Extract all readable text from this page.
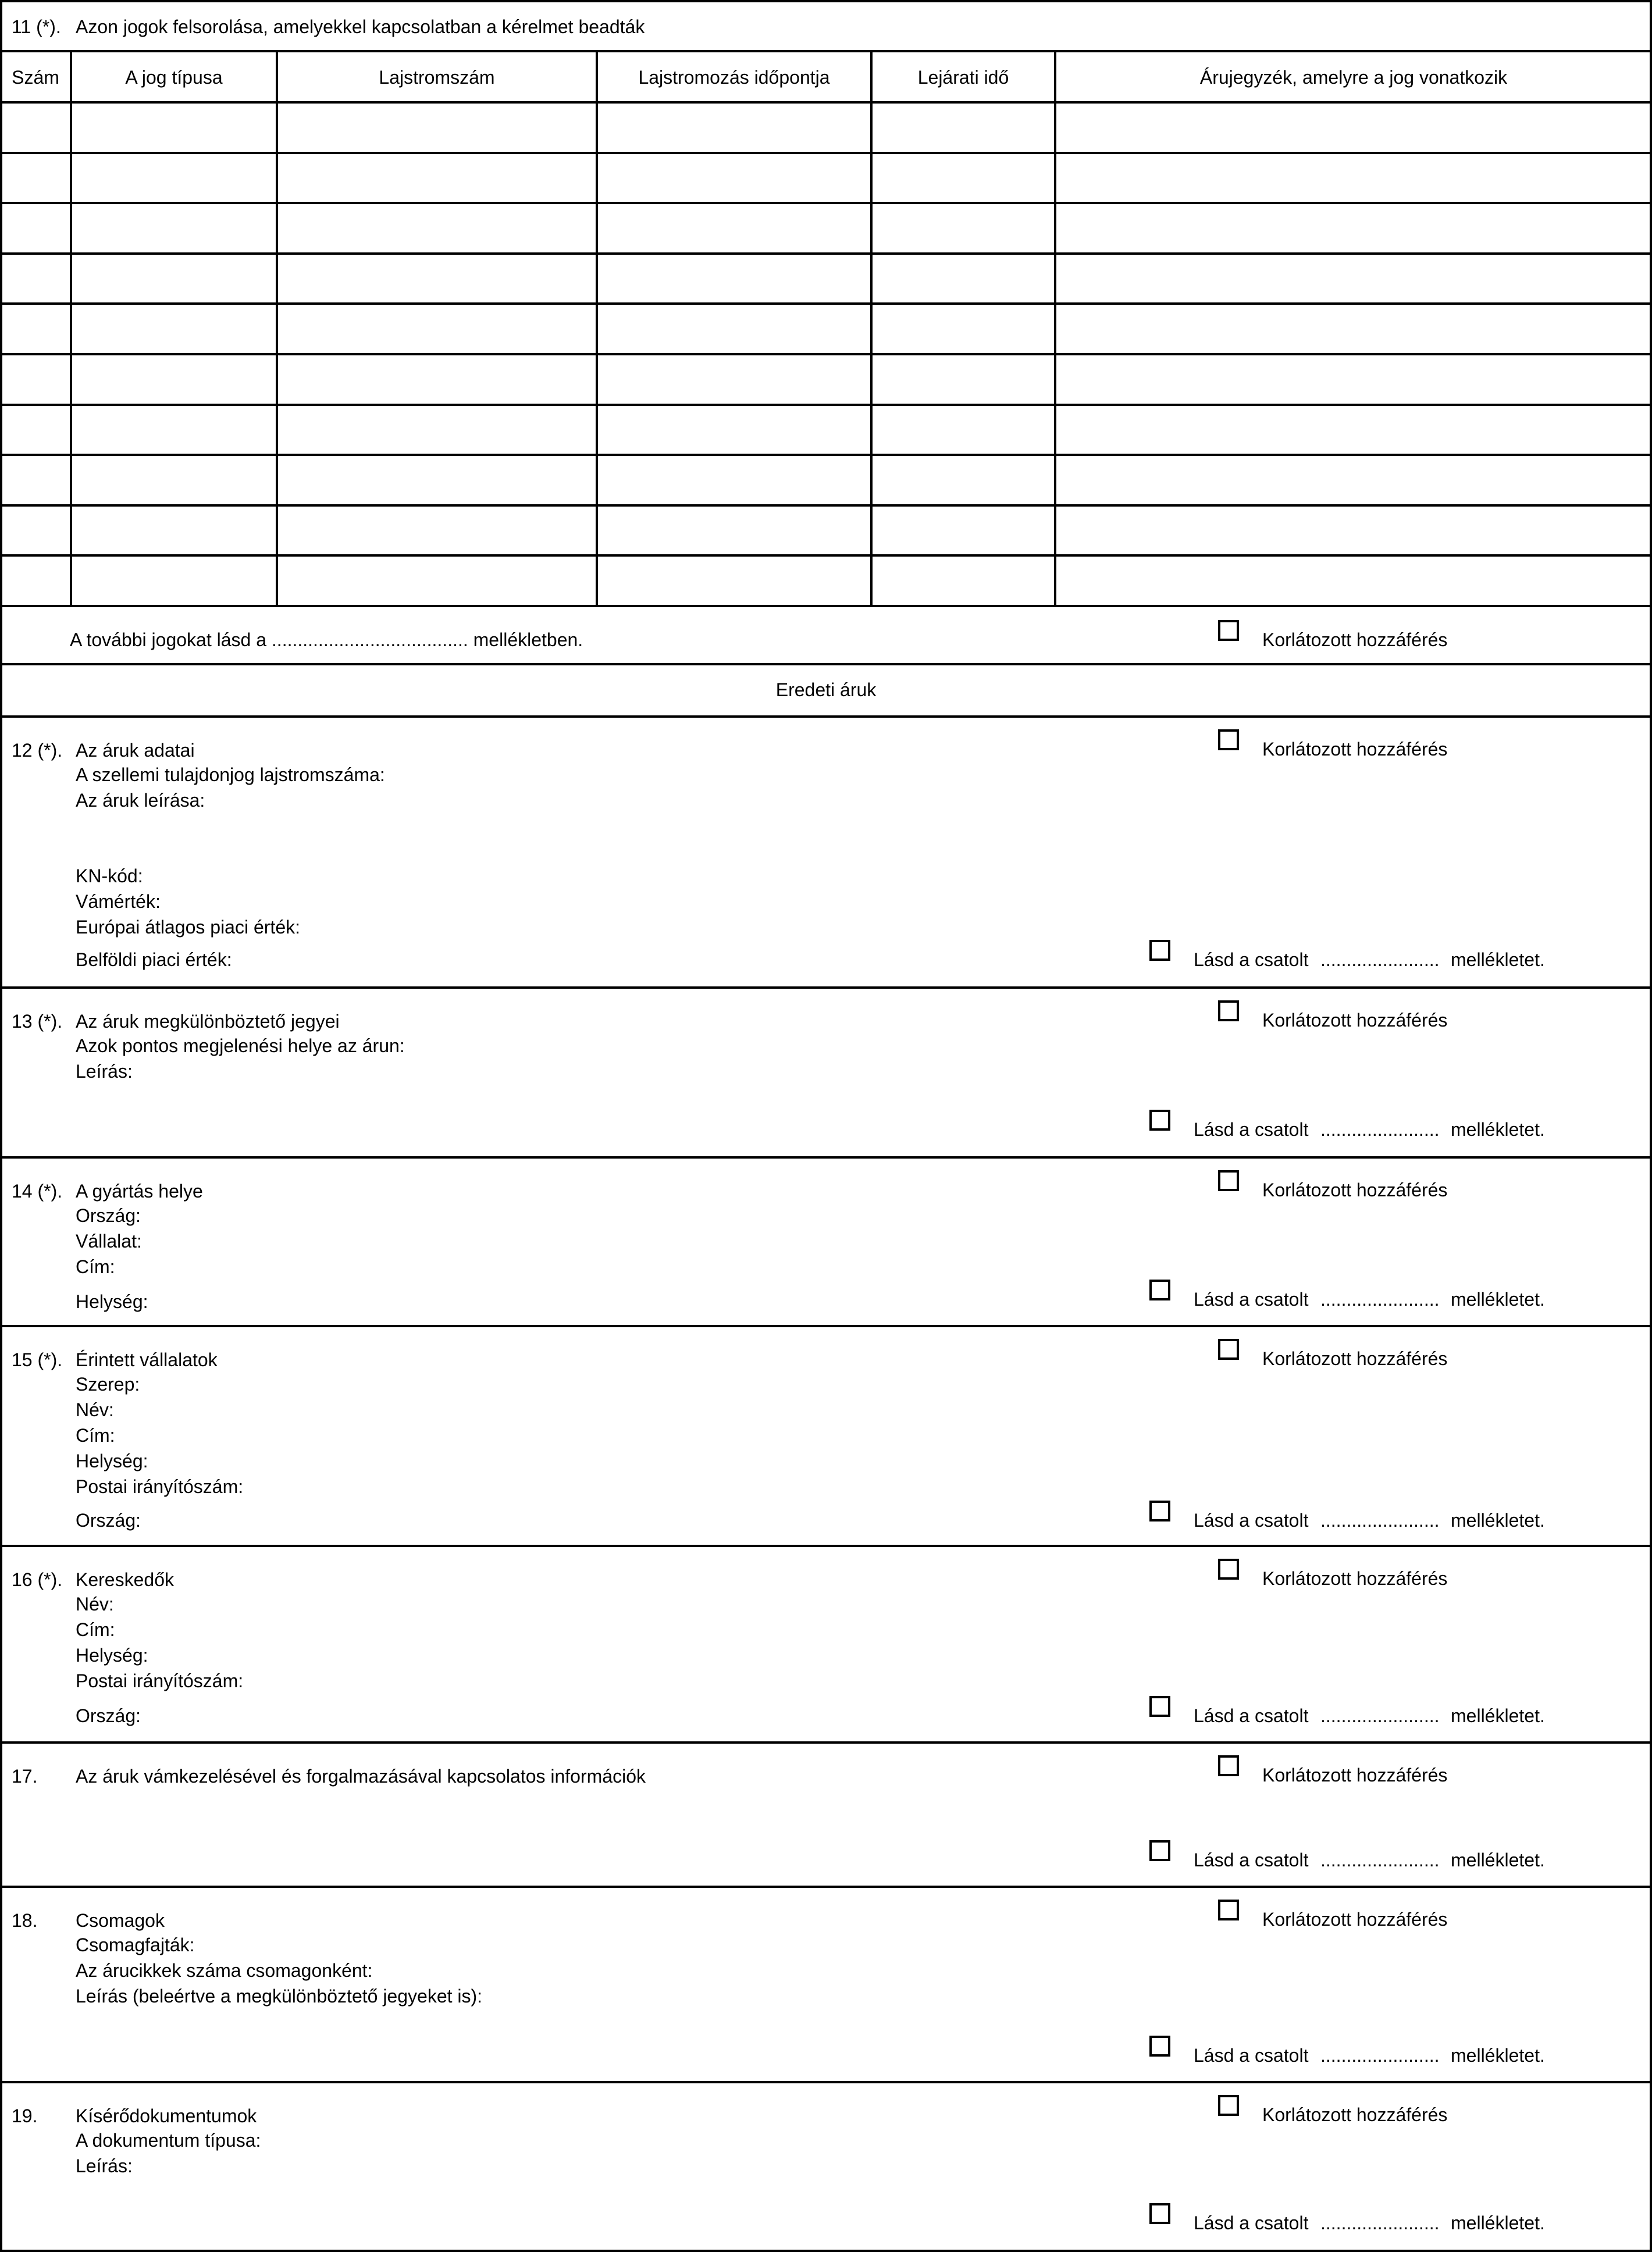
11 (*). Azon jogok felsorolása, amelyekkel kapcsolatban a kérelmet beadták
Szám	A jog típusa	Lajstromszám	Lajstromozás időpontja	Lejárati idő	Árujegyzék, amelyre a jog vonatkozik
A további jogokat lásd a ...................................... mellékletben.	Korlátozott hozzáférés
Eredeti áruk
12 (*). Az áruk adatai
A szellemi tulajdonjog lajstromszáma:
Az áruk leírása:
KN-kód:
Vámérték:
Európai átlagos piaci érték:
Belföldi piaci érték:
Korlátozott hozzáférés
Lásd a csatolt ....................... mellékletet.
13 (*). Az áruk megkülönböztető jegyei
Azok pontos megjelenési helye az árun:
Leírás:
Korlátozott hozzáférés
Lásd a csatolt ....................... mellékletet.
14 (*). A gyártás helye
Ország:
Vállalat:
Cím:
Helység:
Korlátozott hozzáférés
Lásd a csatolt ....................... mellékletet.
15 (*). Érintett vállalatok
Szerep:
Név:
Cím:
Helység:
Postai irányítószám:
Ország:
Korlátozott hozzáférés
Lásd a csatolt ....................... mellékletet.
16 (*). Kereskedők
Név:
Cím:
Helység:
Postai irányítószám:
Ország:
Korlátozott hozzáférés
Lásd a csatolt ....................... mellékletet.
17. Az áruk vámkezelésével és forgalmazásával kapcsolatos információk	Korlátozott hozzáférés
Lásd a csatolt ....................... mellékletet.
18. Csomagok
Csomagfajták:
Az árucikkek száma csomagonként:
Leírás (beleértve a megkülönböztető jegyeket is):
Korlátozott hozzáférés
Lásd a csatolt ....................... mellékletet.
19. Kísérődokumentumok
A dokumentum típusa:
Leírás:
Korlátozott hozzáférés
Lásd a csatolt ....................... mellékletet.
